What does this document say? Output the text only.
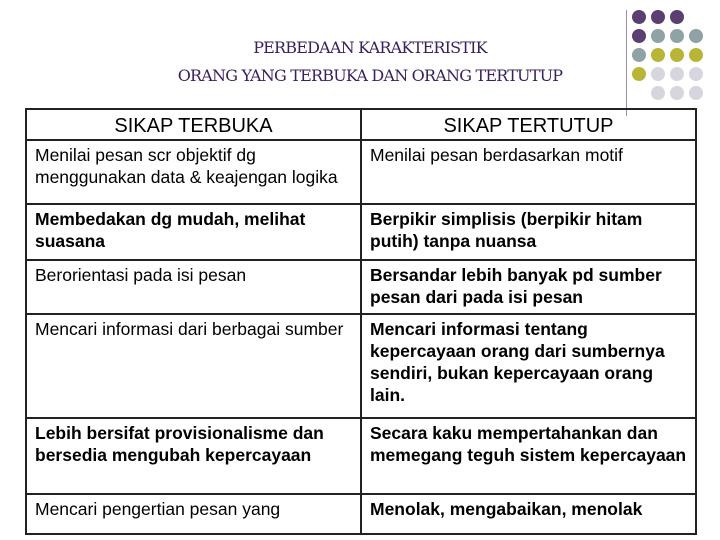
PERBEDAAN KARAKTERISTIK
ORANG YANG TERBUKA DAN ORANG TERTUTUP
SIKAP TERBUKA	SIKAP TERTUTUP
Menilai pesan scr objektif dg menggunakan data & keajengan logika	Menilai pesan berdasarkan motif
Membedakan dg mudah, melihat suasana	Berpikir simplisis (berpikir hitam putih) tanpa nuansa
Berorientasi pada isi pesan	Bersandar lebih banyak pd sumber pesan dari pada isi pesan
Mencari informasi dari berbagai sumber	Mencari informasi tentang kepercayaan orang dari sumbernya sendiri, bukan kepercayaan orang lain.
Lebih bersifat provisionalisme dan bersedia mengubah kepercayaan	Secara kaku mempertahankan dan memegang teguh sistem kepercayaan
Mencari pengertian pesan yang	Menolak, mengabaikan, menolak
